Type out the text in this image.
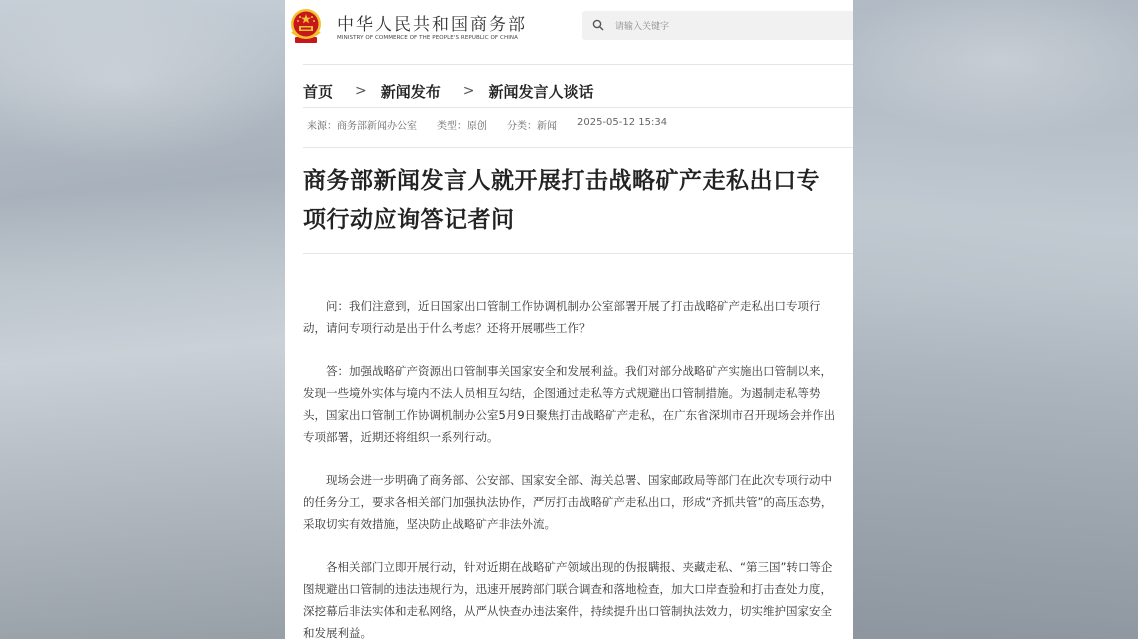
中华人民共和国商务部
MINISTRY OF COMMERCE OF THE PEOPLE'S REPUBLIC OF CHINA
请输入关键字
首页 > 新闻发布 > 新闻发言人谈话
来源：商务部新闻办公室 类型：原创 分类：新闻 2025-05-12 15:34
商务部新闻发言人就开展打击战略矿产走私出口专项行动应询答记者问

问：我们注意到，近日国家出口管制工作协调机制办公室部署开展了打击战略矿产走私出口专项行动，请问专项行动是出于什么考虑？还将开展哪些工作？

答：加强战略矿产资源出口管制事关国家安全和发展利益。我们对部分战略矿产实施出口管制以来，发现一些境外实体与境内不法人员相互勾结，企图通过走私等方式规避出口管制措施。为遏制走私等势头，国家出口管制工作协调机制办公室5月9日聚焦打击战略矿产走私，在广东省深圳市召开现场会并作出专项部署，近期还将组织一系列行动。

现场会进一步明确了商务部、公安部、国家安全部、海关总署、国家邮政局等部门在此次专项行动中的任务分工，要求各相关部门加强执法协作，严厉打击战略矿产走私出口，形成“齐抓共管”的高压态势，采取切实有效措施，坚决防止战略矿产非法外流。

各相关部门立即开展行动，针对近期在战略矿产领域出现的伪报瞒报、夹藏走私、“第三国”转口等企图规避出口管制的违法违规行为，迅速开展跨部门联合调查和落地检查，加大口岸查验和打击查处力度，深挖幕后非法实体和走私网络，从严从快查办违法案件，持续提升出口管制执法效力，切实维护国家安全和发展利益。
